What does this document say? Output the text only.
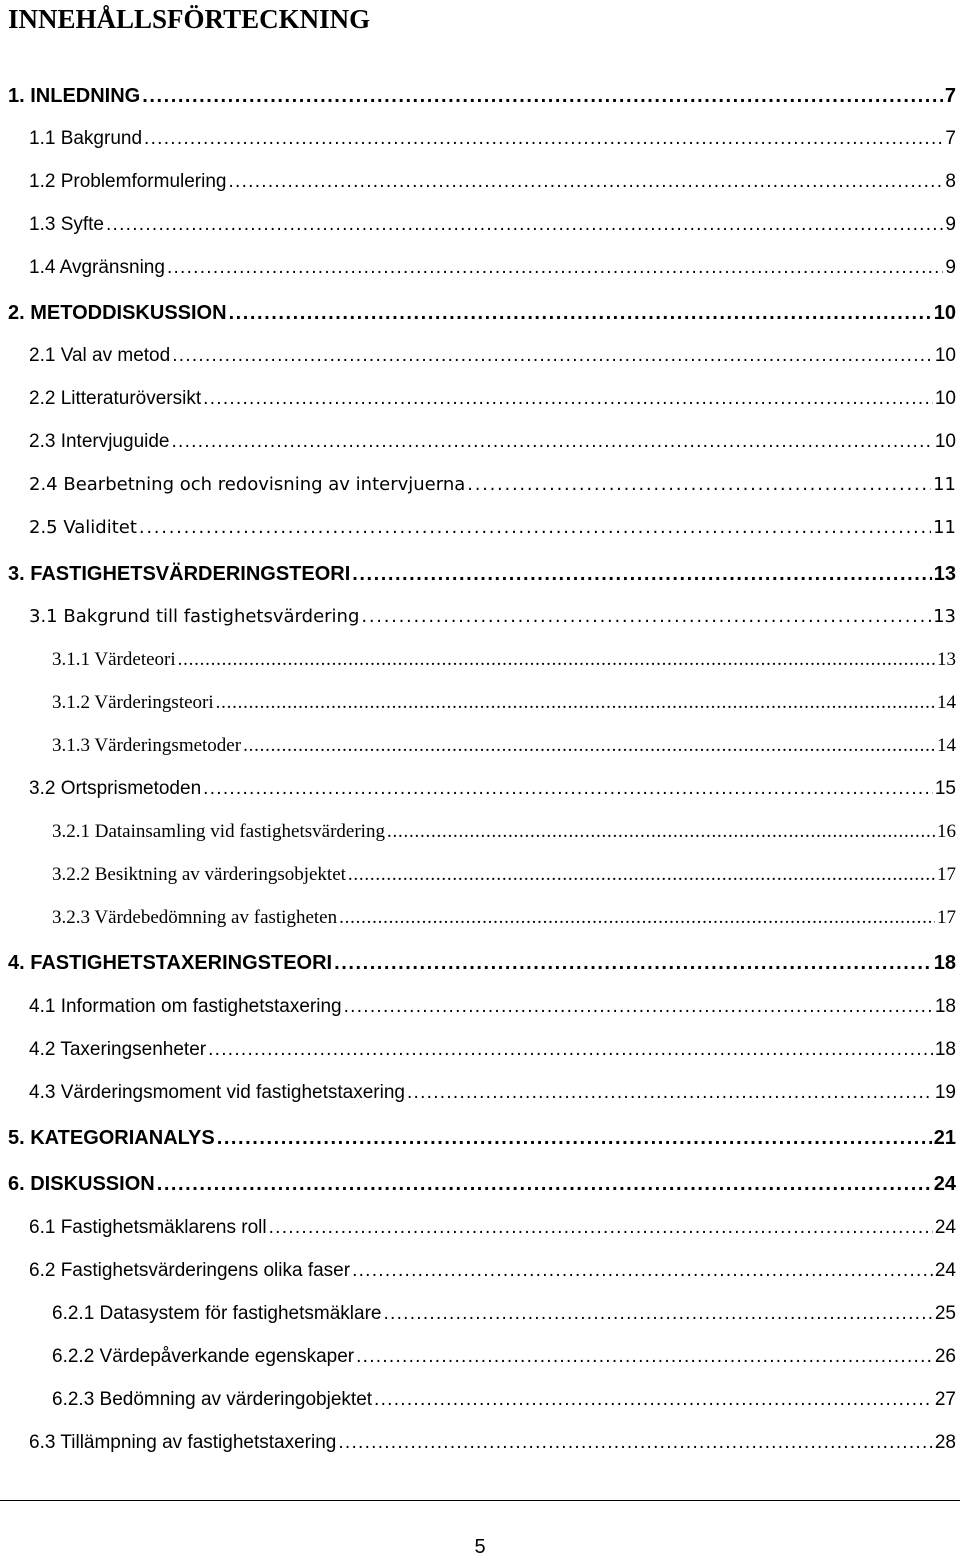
INNEHÅLLSFÖRTECKNING
1. INLEDNING . . .	7
1.1 Bakgrund . . .	7
1.2 Problemformulering . . .	8
1.3 Syfte . . .	9
1.4 Avgränsning . . .	9
2. METODDISKUSSION . . .	10
2.1 Val av metod . . .	10
2.2 Litteraturöversikt . . .	10
2.3 Intervjuguide . . .	10
2.4 Bearbetning och redovisning av intervjuerna . . .	11
2.5 Validitet . . .	11
3. FASTIGHETSVÄRDERINGSTEORI . . .	13
3.1 Bakgrund till fastighetsvärdering . . .	13
3.1.1 Värdeteori . . .	13
3.1.2 Värderingsteori . . .	14
3.1.3 Värderingsmetoder . . .	14
3.2 Ortsprismetoden . . .	15
3.2.1 Datainsamling vid fastighetsvärdering . . .	16
3.2.2 Besiktning av värderingsobjektet . . .	17
3.2.3 Värdebedömning av fastigheten . . .	17
4. FASTIGHETSTAXERINGSTEORI . . .	18
4.1 Information om fastighetstaxering . . .	18
4.2 Taxeringsenheter . . .	18
4.3 Värderingsmoment vid fastighetstaxering . . .	19
5. KATEGORIANALYS . . .	21
6. DISKUSSION . . .	24
6.1 Fastighetsmäklarens roll . . .	24
6.2 Fastighetsvärderingens olika faser . . .	24
6.2.1 Datasystem för fastighetsmäklare . . .	25
6.2.2 Värdepåverkande egenskaper . . .	26
6.2.3 Bedömning av värderingobjektet . . .	27
6.3 Tillämpning av fastighetstaxering . . .	28
5
